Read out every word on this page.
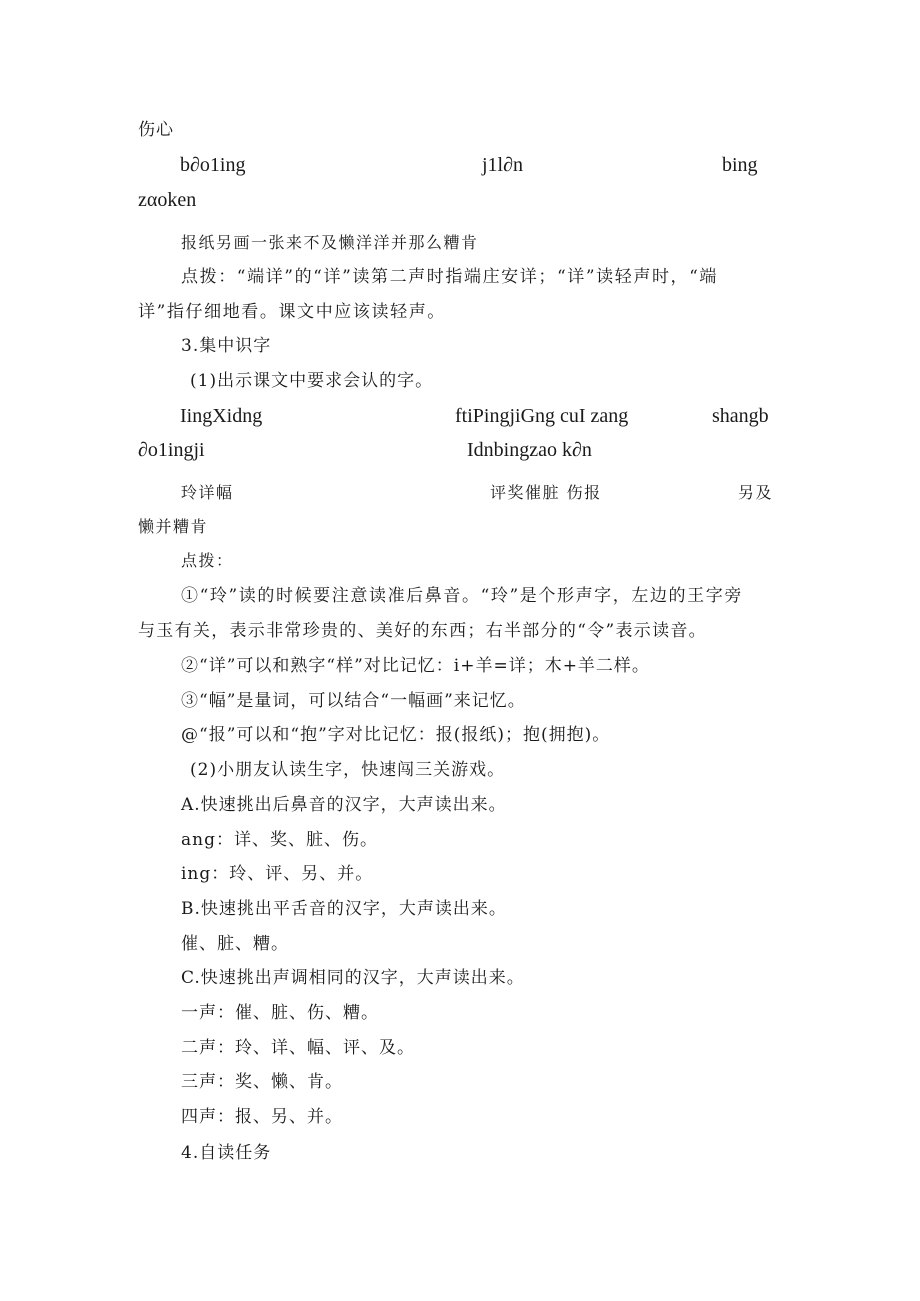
伤心
b∂o1ing	j1l∂n	bing
zαoken
报纸另画一张来不及懒洋洋并那么糟肯
点拨：“端详”的“详”读第二声时指端庄安详；“详”读轻声时，“端
详”指仔细地看。课文中应该读轻声。
3.集中识字
(1)出示课文中要求会认的字。
IingXidng	ftiPingjiGng cuI zang	shangb
∂o1ingji	Idnbingzao k∂n
玲详幅	评奖催脏 伤报	另及
懒并糟肯
点拨：
①“玲”读的时候要注意读准后鼻音。“玲”是个形声字，左边的王字旁
与玉有关，表示非常珍贵的、美好的东西；右半部分的“令”表示读音。
②“详”可以和熟字“样”对比记忆：i+羊=详；木+羊二样。
③“幅”是量词，可以结合“一幅画”来记忆。
@“报”可以和“抱”字对比记忆：报(报纸)；抱(拥抱)。
(2)小朋友认读生字，快速闯三关游戏。
A.快速挑出后鼻音的汉字，大声读出来。
ang：详、奖、脏、伤。
ing：玲、评、另、并。
B.快速挑出平舌音的汉字，大声读出来。
催、脏、糟。
C.快速挑出声调相同的汉字，大声读出来。
一声：催、脏、伤、糟。
二声：玲、详、幅、评、及。
三声：奖、懒、肯。
四声：报、另、并。
4.自读任务
